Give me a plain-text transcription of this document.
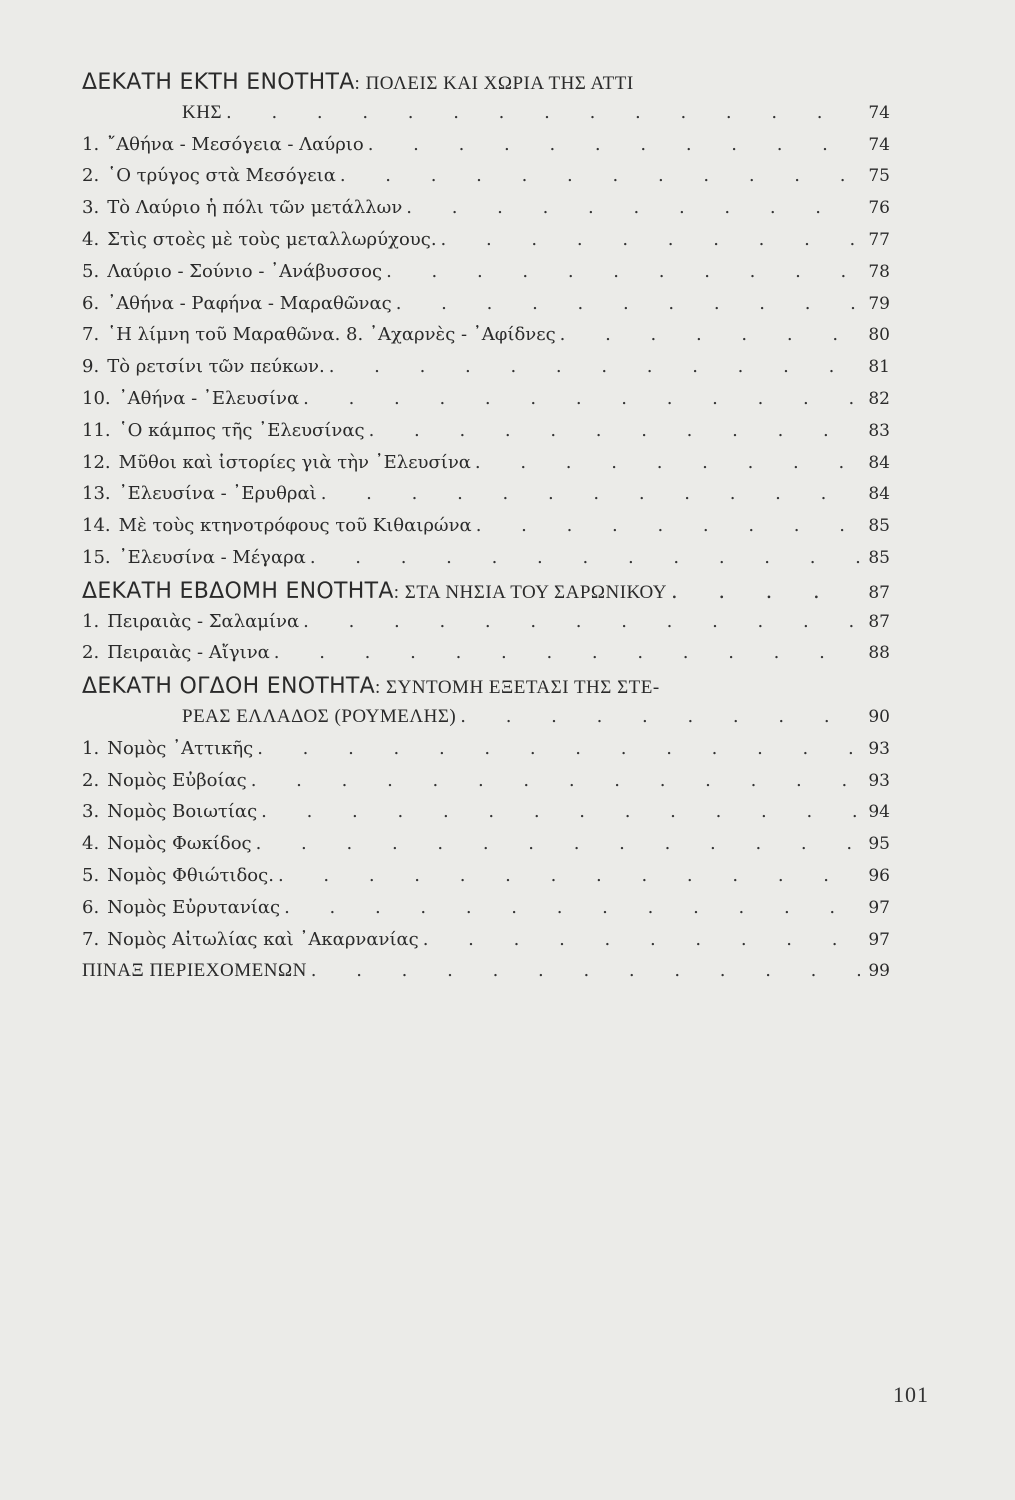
ΔΕΚΑΤΗ ΕΚΤΗ ΕΝΟΤΗΤΑ: ΠΟΛΕΙΣ ΚΑΙ ΧΩΡΙΑ ΤΗΣ ΑΤΤΙ
ΚΗΣ . . .	74
1. ῎Αθήνα - Μεσόγεια - Λαύριο . . .	74
2. ῾Ο τρύγος στὰ Μεσόγεια . . .	75
3. Τὸ Λαύριο ἡ πόλι τῶν μετάλλων . . .	76
4. Στὶς στοὲς μὲ τοὺς μεταλλωρύχους. . . .	77
5. Λαύριο - Σούνιο - ᾿Ανάβυσσος . . .	78
6. ᾿Αθήνα - Ραφήνα - Μαραθῶνας . . .	79
7. ῾Η λίμνη τοῦ Μαραθῶνα. 8. ᾿Αχαρνὲς - ᾿Αφίδνες . . .	80
9. Τὸ ρετσίνι τῶν πεύκων. . . .	81
10. ᾿Αθήνα - ᾿Ελευσίνα . . .	82
11. ῾Ο κάμπος τῆς ᾿Ελευσίνας . . .	83
12. Μῦθοι καὶ ἱστορίες γιὰ τὴν ᾿Ελευσίνα . . .	84
13. ᾿Ελευσίνα - ᾿Ερυθραὶ . . .	84
14. Μὲ τοὺς κτηνοτρόφους τοῦ Κιθαιρώνα . . .	85
15. ᾿Ελευσίνα - Μέγαρα . . .	85
ΔΕΚΑΤΗ ΕΒΔΟΜΗ ΕΝΟΤΗΤΑ: ΣΤΑ ΝΗΣΙΑ ΤΟΥ ΣΑΡΩΝΙΚΟΥ . . .	87
1. Πειραιὰς - Σαλαμίνα . . .	87
2. Πειραιὰς - Αἴγινα . . .	88
ΔΕΚΑΤΗ ΟΓΔΟΗ ΕΝΟΤΗΤΑ: ΣΥΝΤΟΜΗ ΕΞΕΤΑΣΙ ΤΗΣ ΣΤΕ-
ΡΕΑΣ ΕΛΛΑΔΟΣ (ΡΟΥΜΕΛΗΣ) . . .	90
1. Νομὸς ᾿Αττικῆς . . .	93
2. Νομὸς Εὐβοίας . . .	93
3. Νομὸς Βοιωτίας . . .	94
4. Νομὸς Φωκίδος . . .	95
5. Νομὸς Φθιώτιδος. . . .	96
6. Νομὸς Εὐρυτανίας . . .	97
7. Νομὸς Αἰτωλίας καὶ ᾿Ακαρνανίας . . .	97
ΠΙΝΑΞ ΠΕΡΙΕΧΟΜΕΝΩΝ . . .	99
101
